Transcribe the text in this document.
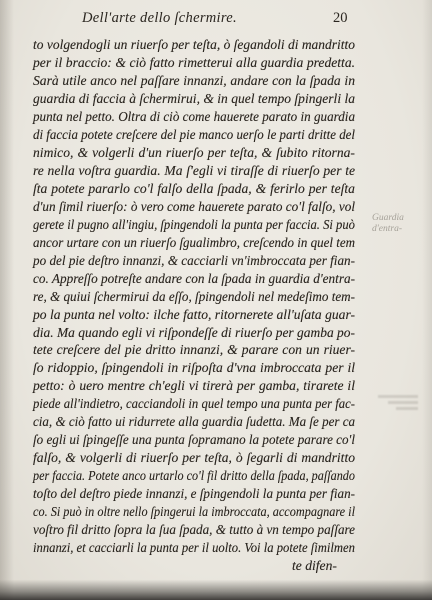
Dell'arte dello ſchermire.	20
to volgendogli un riuerſo per teſta, ò ſegandoli di mandritto
per il braccio: & ciò fatto rimetterui alla guardia predetta.
Sarà utile anco nel paſſare innanzi, andare con la ſpada in
guardia di faccia à ſchermirui, & in quel tempo ſpingerli la
punta nel petto. Oltra di ciò come hauerete parato in guardia
di faccia potete creſcere del pie manco uerſo le parti dritte del
nimico, & volgerli d'un riuerſo per teſta, & ſubito ritorna-
re nella voſtra guardia. Ma ſ'egli vi tiraſſe di riuerſo per te
ſta potete pararlo co'l falſo della ſpada, & ferirlo per teſta
d'un ſimil riuerſo: ò vero come hauerete parato co'l falſo, vol
gerete il pugno all'ingiu, ſpingendoli la punta per faccia. Si può
ancor urtare con un riuerſo ſgualimbro, creſcendo in quel tem
po del pie deſtro innanzi, & cacciarli vn'imbroccata per fian-
co. Appreſſo potreſte andare con la ſpada in guardia d'entra-
re, & quiui ſchermirui da eſſo, ſpingendoli nel medeſimo tem-
po la punta nel volto: ilche fatto, ritornerete all'uſata guar-
dia. Ma quando egli vi riſpondeſſe di riuerſo per gamba po-
tete creſcere del pie dritto innanzi, & parare con un riuer-
ſo ridoppio, ſpingendoli in riſpoſta d'vna imbroccata per il
petto: ò uero mentre ch'egli vi tirerà per gamba, tirarete il
piede all'indietro, cacciandoli in quel tempo una punta per fac-
cia, & ciò fatto ui ridurrete alla guardia ſudetta. Ma ſe per ca
ſo egli ui ſpingeſſe una punta ſopramano la potete parare co'l
falſo, & volgerli di riuerſo per teſta, ò ſegarli di mandritto
per faccia. Potete anco urtarlo co'l fil dritto della ſpada, paſſando
toſto del deſtro piede innanzi, e ſpingendoli la punta per fian-
co. Si può in oltre nello ſpingerui la imbroccata, accompagnare il
voſtro fil dritto ſopra la ſua ſpada, & tutto à vn tempo paſſare
innanzi, et cacciarli la punta per il uolto. Voi la potete ſimilmen
te difen-
Guardia
d'entra-
